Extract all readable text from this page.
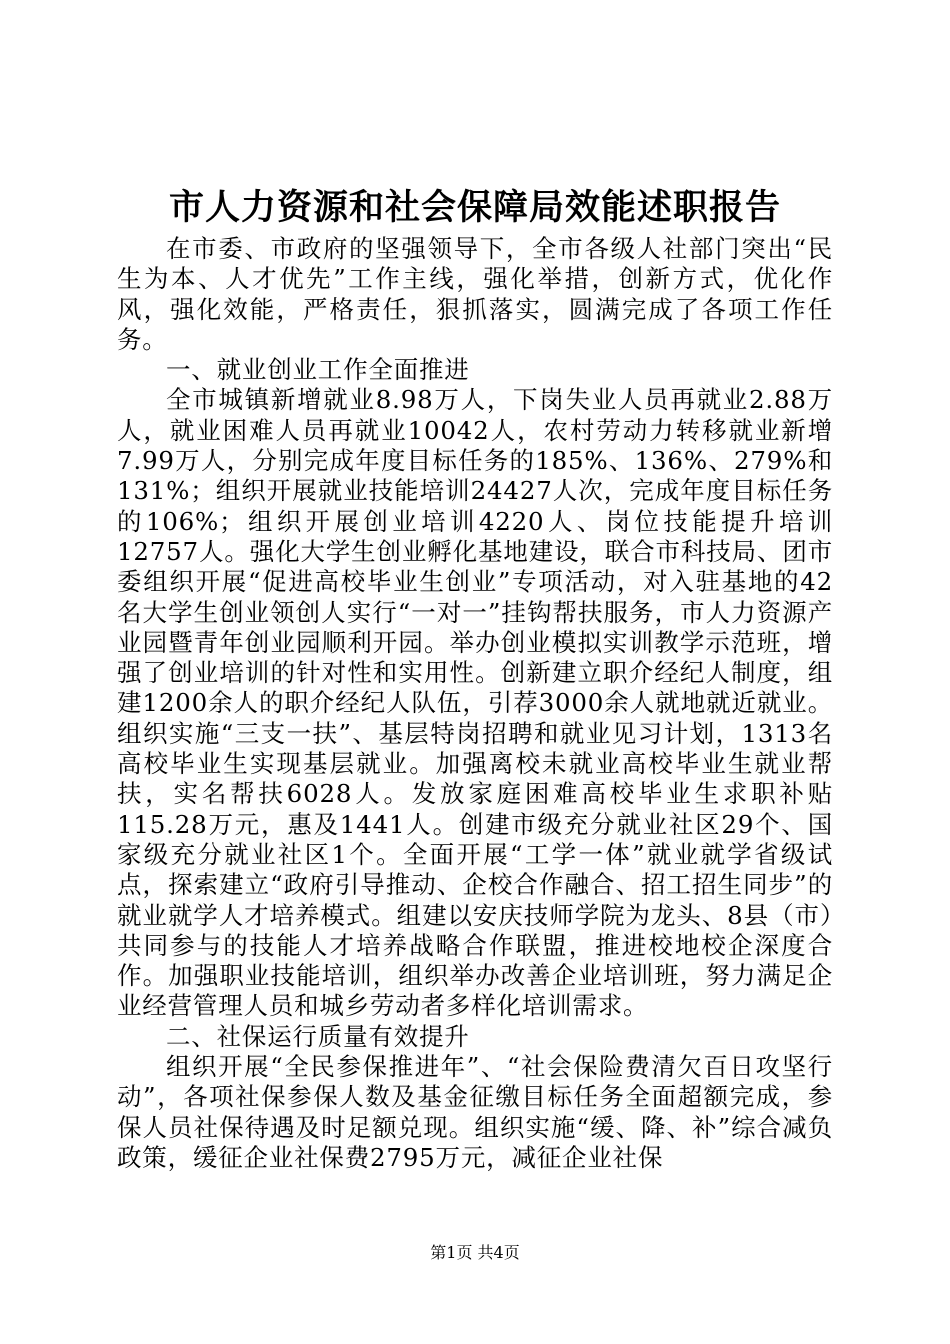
市人力资源和社会保障局效能述职报告

在市委、市政府的坚强领导下，全市各级人社部门突出“民生为本、人才优先”工作主线，强化举措，创新方式，优化作风，强化效能，严格责任，狠抓落实，圆满完成了各项工作任务。

一、就业创业工作全面推进

全市城镇新增就业8.98万人，下岗失业人员再就业2.88万人，就业困难人员再就业10042人，农村劳动力转移就业新增7.99万人，分别完成年度目标任务的185%、136%、279%和131%；组织开展就业技能培训24427人次，完成年度目标任务的106%；组织开展创业培训4220人、岗位技能提升培训12757人。强化大学生创业孵化基地建设，联合市科技局、团市委组织开展“促进高校毕业生创业”专项活动，对入驻基地的42名大学生创业领创人实行“一对一”挂钩帮扶服务，市人力资源产业园暨青年创业园顺利开园。举办创业模拟实训教学示范班，增强了创业培训的针对性和实用性。创新建立职介经纪人制度，组建1200余人的职介经纪人队伍，引荐3000余人就地就近就业。组织实施“三支一扶”、基层特岗招聘和就业见习计划，1313名高校毕业生实现基层就业。加强离校未就业高校毕业生就业帮扶，实名帮扶6028人。发放家庭困难高校毕业生求职补贴115.28万元，惠及1441人。创建市级充分就业社区29个、国家级充分就业社区1个。全面开展“工学一体”就业就学省级试点，探索建立“政府引导推动、企校合作融合、招工招生同步”的就业就学人才培养模式。组建以安庆技师学院为龙头、8县（市）共同参与的技能人才培养战略合作联盟，推进校地校企深度合作。加强职业技能培训，组织举办改善企业培训班，努力满足企业经营管理人员和城乡劳动者多样化培训需求。

二、社保运行质量有效提升

组织开展“全民参保推进年”、“社会保险费清欠百日攻坚行动”，各项社保参保人数及基金征缴目标任务全面超额完成，参保人员社保待遇及时足额兑现。组织实施“缓、降、补”综合减负政策，缓征企业社保费2795万元，减征企业社保

第1页 共4页
